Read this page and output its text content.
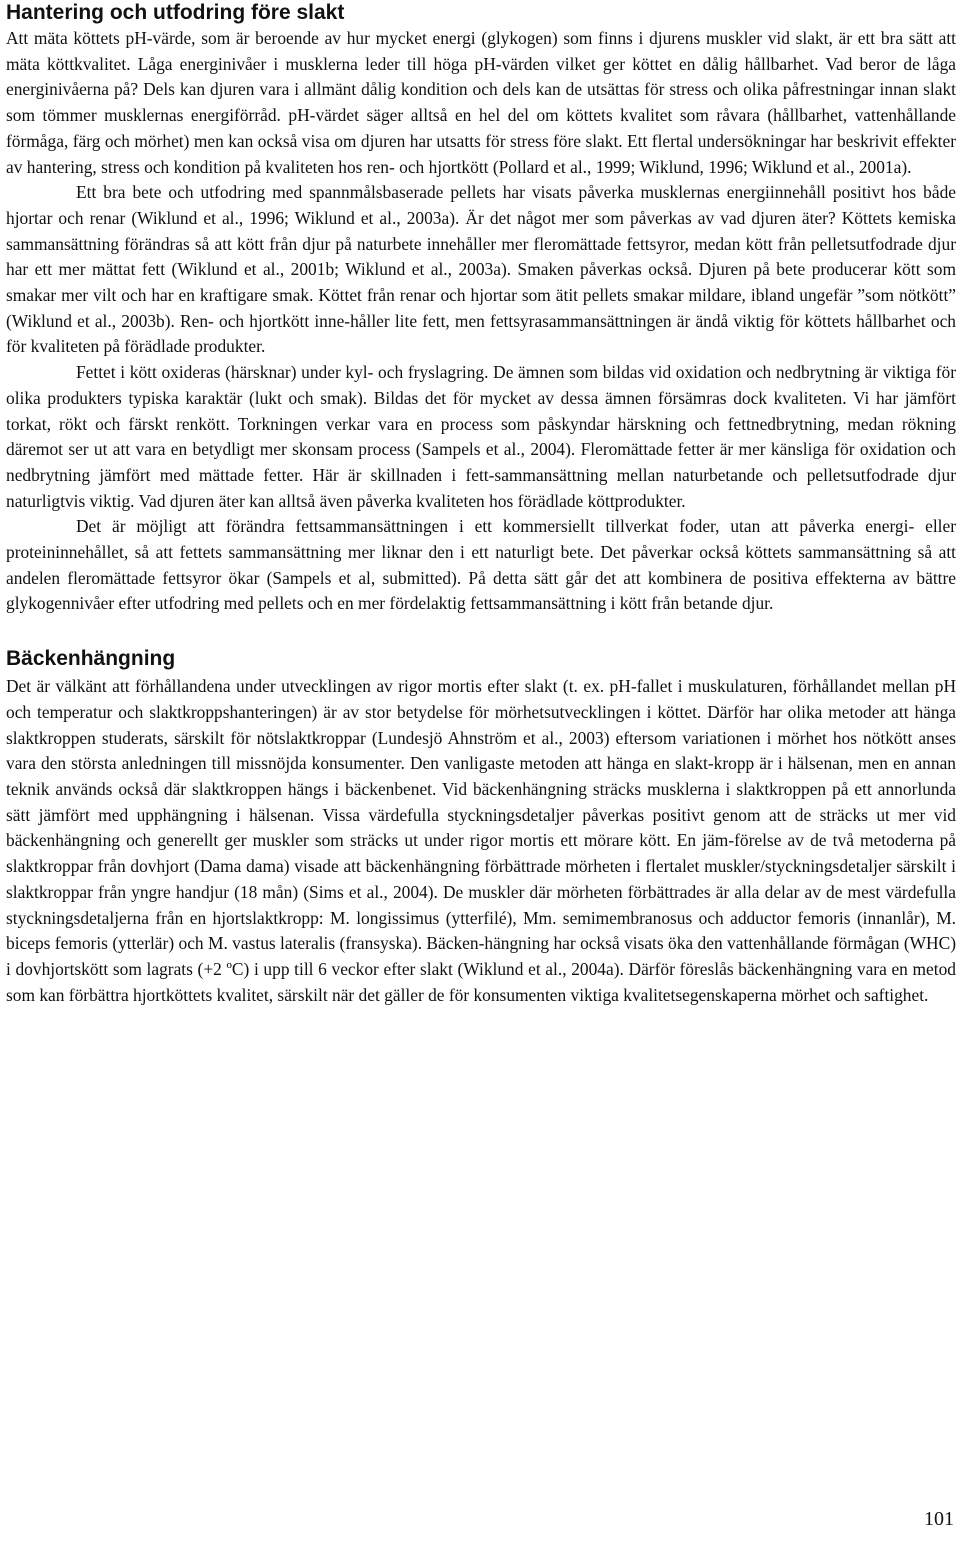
Hantering och utfodring före slakt

Att mäta köttets pH-värde, som är beroende av hur mycket energi (glykogen) som finns i djurens muskler vid slakt, är ett bra sätt att mäta köttkvalitet. Låga energinivåer i musklerna leder till höga pH-värden vilket ger köttet en dålig hållbarhet. Vad beror de låga energinivåerna på? Dels kan djuren vara i allmänt dålig kondition och dels kan de utsättas för stress och olika påfrestningar innan slakt som tömmer musklernas energiförråd. pH-värdet säger alltså en hel del om köttets kvalitet som råvara (hållbarhet, vattenhållande förmåga, färg och mörhet) men kan också visa om djuren har utsatts för stress före slakt. Ett flertal undersökningar har beskrivit effekter av hantering, stress och kondition på kvaliteten hos ren- och hjortkött (Pollard et al., 1999; Wiklund, 1996; Wiklund et al., 2001a).

Ett bra bete och utfodring med spannmålsbaserade pellets har visats påverka musklernas energiinnehåll positivt hos både hjortar och renar (Wiklund et al., 1996; Wiklund et al., 2003a). Är det något mer som påverkas av vad djuren äter? Köttets kemiska sammansättning förändras så att kött från djur på naturbete innehåller mer fleromättade fettsyror, medan kött från pelletsutfodrade djur har ett mer mättat fett (Wiklund et al., 2001b; Wiklund et al., 2003a). Smaken påverkas också. Djuren på bete producerar kött som smakar mer vilt och har en kraftigare smak. Köttet från renar och hjortar som ätit pellets smakar mildare, ibland ungefär ”som nötkött” (Wiklund et al., 2003b). Ren- och hjortkött inne-håller lite fett, men fettsyrasammansättningen är ändå viktig för köttets hållbarhet och för kvaliteten på förädlade produkter.

Fettet i kött oxideras (härsknar) under kyl- och fryslagring. De ämnen som bildas vid oxidation och nedbrytning är viktiga för olika produkters typiska karaktär (lukt och smak). Bildas det för mycket av dessa ämnen försämras dock kvaliteten. Vi har jämfört torkat, rökt och färskt renkött. Torkningen verkar vara en process som påskyndar härskning och fettnedbrytning, medan rökning däremot ser ut att vara en betydligt mer skonsam process (Sampels et al., 2004). Fleromättade fetter är mer känsliga för oxidation och nedbrytning jämfört med mättade fetter. Här är skillnaden i fett-sammansättning mellan naturbetande och pelletsutfodrade djur naturligtvis viktig. Vad djuren äter kan alltså även påverka kvaliteten hos förädlade köttprodukter.

Det är möjligt att förändra fettsammansättningen i ett kommersiellt tillverkat foder, utan att påverka energi- eller proteininnehållet, så att fettets sammansättning mer liknar den i ett naturligt bete. Det påverkar också köttets sammansättning så att andelen fleromättade fettsyror ökar (Sampels et al, submitted). På detta sätt går det att kombinera de positiva effekterna av bättre glykogennivåer efter utfodring med pellets och en mer fördelaktig fettsammansättning i kött från betande djur.

Bäckenhängning

Det är välkänt att förhållandena under utvecklingen av rigor mortis efter slakt (t. ex. pH-fallet i muskulaturen, förhållandet mellan pH och temperatur och slaktkroppshanteringen) är av stor betydelse för mörhetsutvecklingen i köttet. Därför har olika metoder att hänga slaktkroppen studerats, särskilt för nötslaktkroppar (Lundesjö Ahnström et al., 2003) eftersom variationen i mörhet hos nötkött anses vara den största anledningen till missnöjda konsumenter. Den vanligaste metoden att hänga en slakt-kropp är i hälsenan, men en annan teknik används också där slaktkroppen hängs i bäckenbenet. Vid bäckenhängning sträcks musklerna i slaktkroppen på ett annorlunda sätt jämfört med upphängning i hälsenan. Vissa värdefulla styckningsdetaljer påverkas positivt genom att de sträcks ut mer vid bäckenhängning och generellt ger muskler som sträcks ut under rigor mortis ett mörare kött. En jäm-förelse av de två metoderna på slaktkroppar från dovhjort (Dama dama) visade att bäckenhängning förbättrade mörheten i flertalet muskler/styckningsdetaljer särskilt i slaktkroppar från yngre handjur (18 mån) (Sims et al., 2004). De muskler där mörheten förbättrades är alla delar av de mest värdefulla styckningsdetaljerna från en hjortslaktkropp: M. longissimus (ytterfilé), Mm. semimembranosus och adductor femoris (innanlår), M. biceps femoris (ytterlär) och M. vastus lateralis (fransyska). Bäcken-hängning har också visats öka den vattenhållande förmågan (WHC) i dovhjortskött som lagrats (+2 ºC) i upp till 6 veckor efter slakt (Wiklund et al., 2004a). Därför föreslås bäckenhängning vara en metod som kan förbättra hjortköttets kvalitet, särskilt när det gäller de för konsumenten viktiga kvalitetsegenskaperna mörhet och saftighet.

101
